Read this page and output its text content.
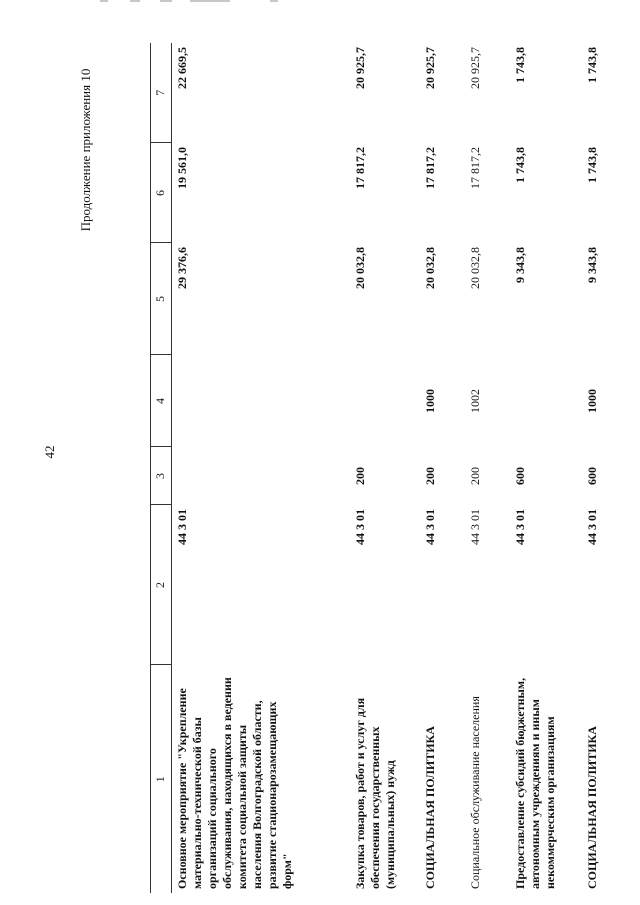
42
Продолжение приложения 10
1	2	3	4	5	6	7
Основное мероприятие "Укрепление материально-технической базы организаций социального обслуживания, находящихся в ведении комитета социальной защиты населения Волгоградской области, развитие стационарозамещающих форм"	44 3 01			29 376,6	19 561,0	22 669,5
Закупка товаров, работ и услуг для обеспечения государственных (муниципальных) нужд	44 3 01	200		20 032,8	17 817,2	20 925,7
СОЦИАЛЬНАЯ ПОЛИТИКА	44 3 01	200	1000	20 032,8	17 817,2	20 925,7
Социальное обслуживание населения	44 3 01	200	1002	20 032,8	17 817,2	20 925,7
Предоставление субсидий бюджетным, автономным учреждениям и иным некоммерческим организациям	44 3 01	600		9 343,8	1 743,8	1 743,8
СОЦИАЛЬНАЯ ПОЛИТИКА	44 3 01	600	1000	9 343,8	1 743,8	1 743,8
